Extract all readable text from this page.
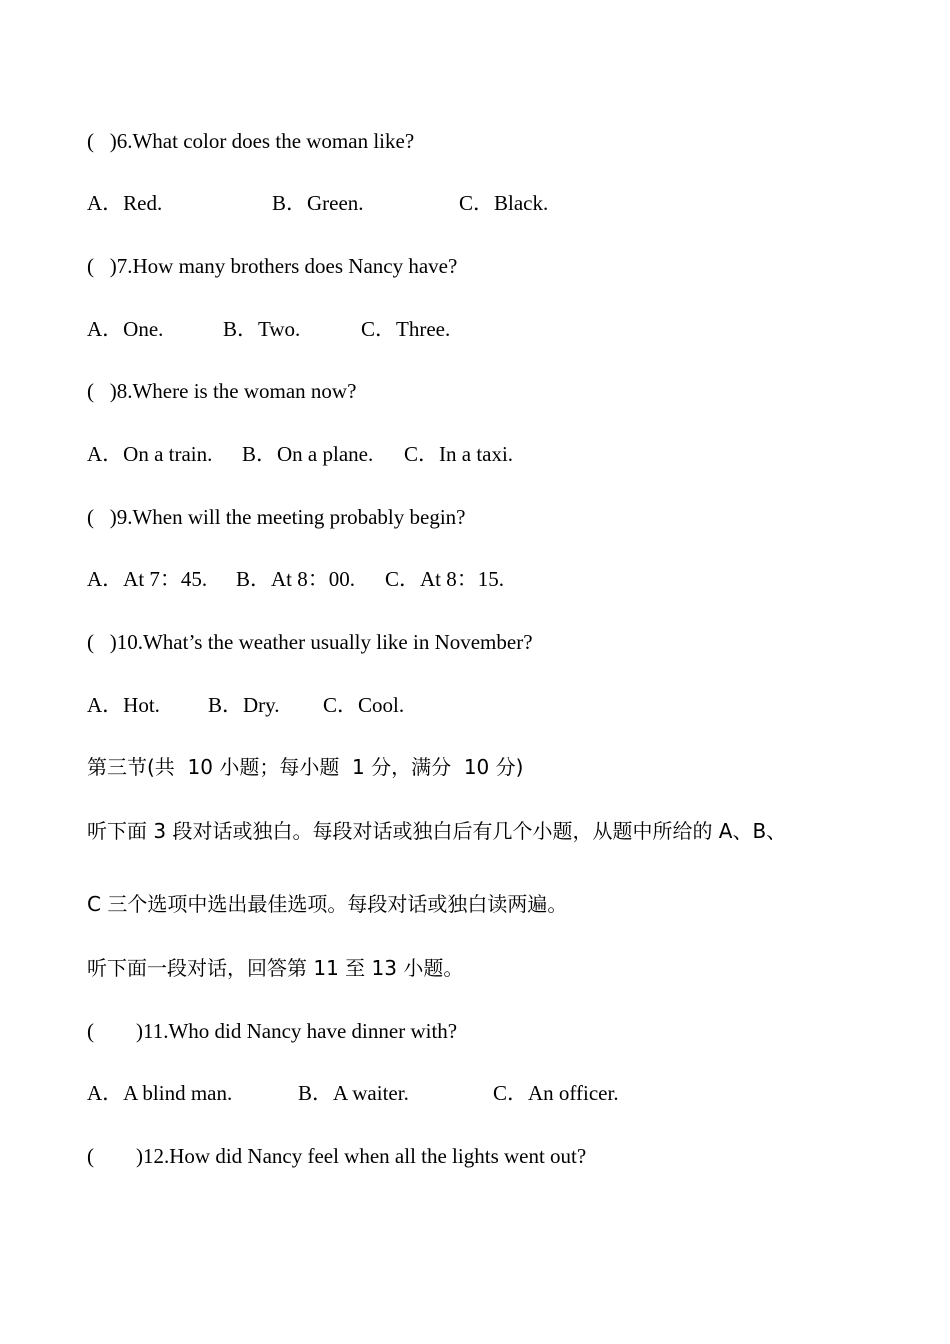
(   )6.What color does the woman like?
A．Red.	B．Green.	C．Black.
(   )7.How many brothers does Nancy have?
A．One.	B．Two.	C．Three.
(   )8.Where is the woman now?
A．On a train. B．On a plane. C．In a taxi.
(   )9.When will the meeting probably begin?
A．At 7：45. B．At 8：00. C．At 8：15.
(   )10.What’s the weather usually like in November?
A．Hot. B．Dry. C．Cool.
第三节(共  10 小题；每小题  1 分，满分  10 分)
听下面 3 段对话或独白。每段对话或独白后有几个小题，从题中所给的 A、B、
C 三个选项中选出最佳选项。每段对话或独白读两遍。
听下面一段对话，回答第 11 至 13 小题。
(        )11.Who did Nancy have dinner with?
A．A blind man.	B．A waiter.	C．An officer.
(        )12.How did Nancy feel when all the lights went out?
